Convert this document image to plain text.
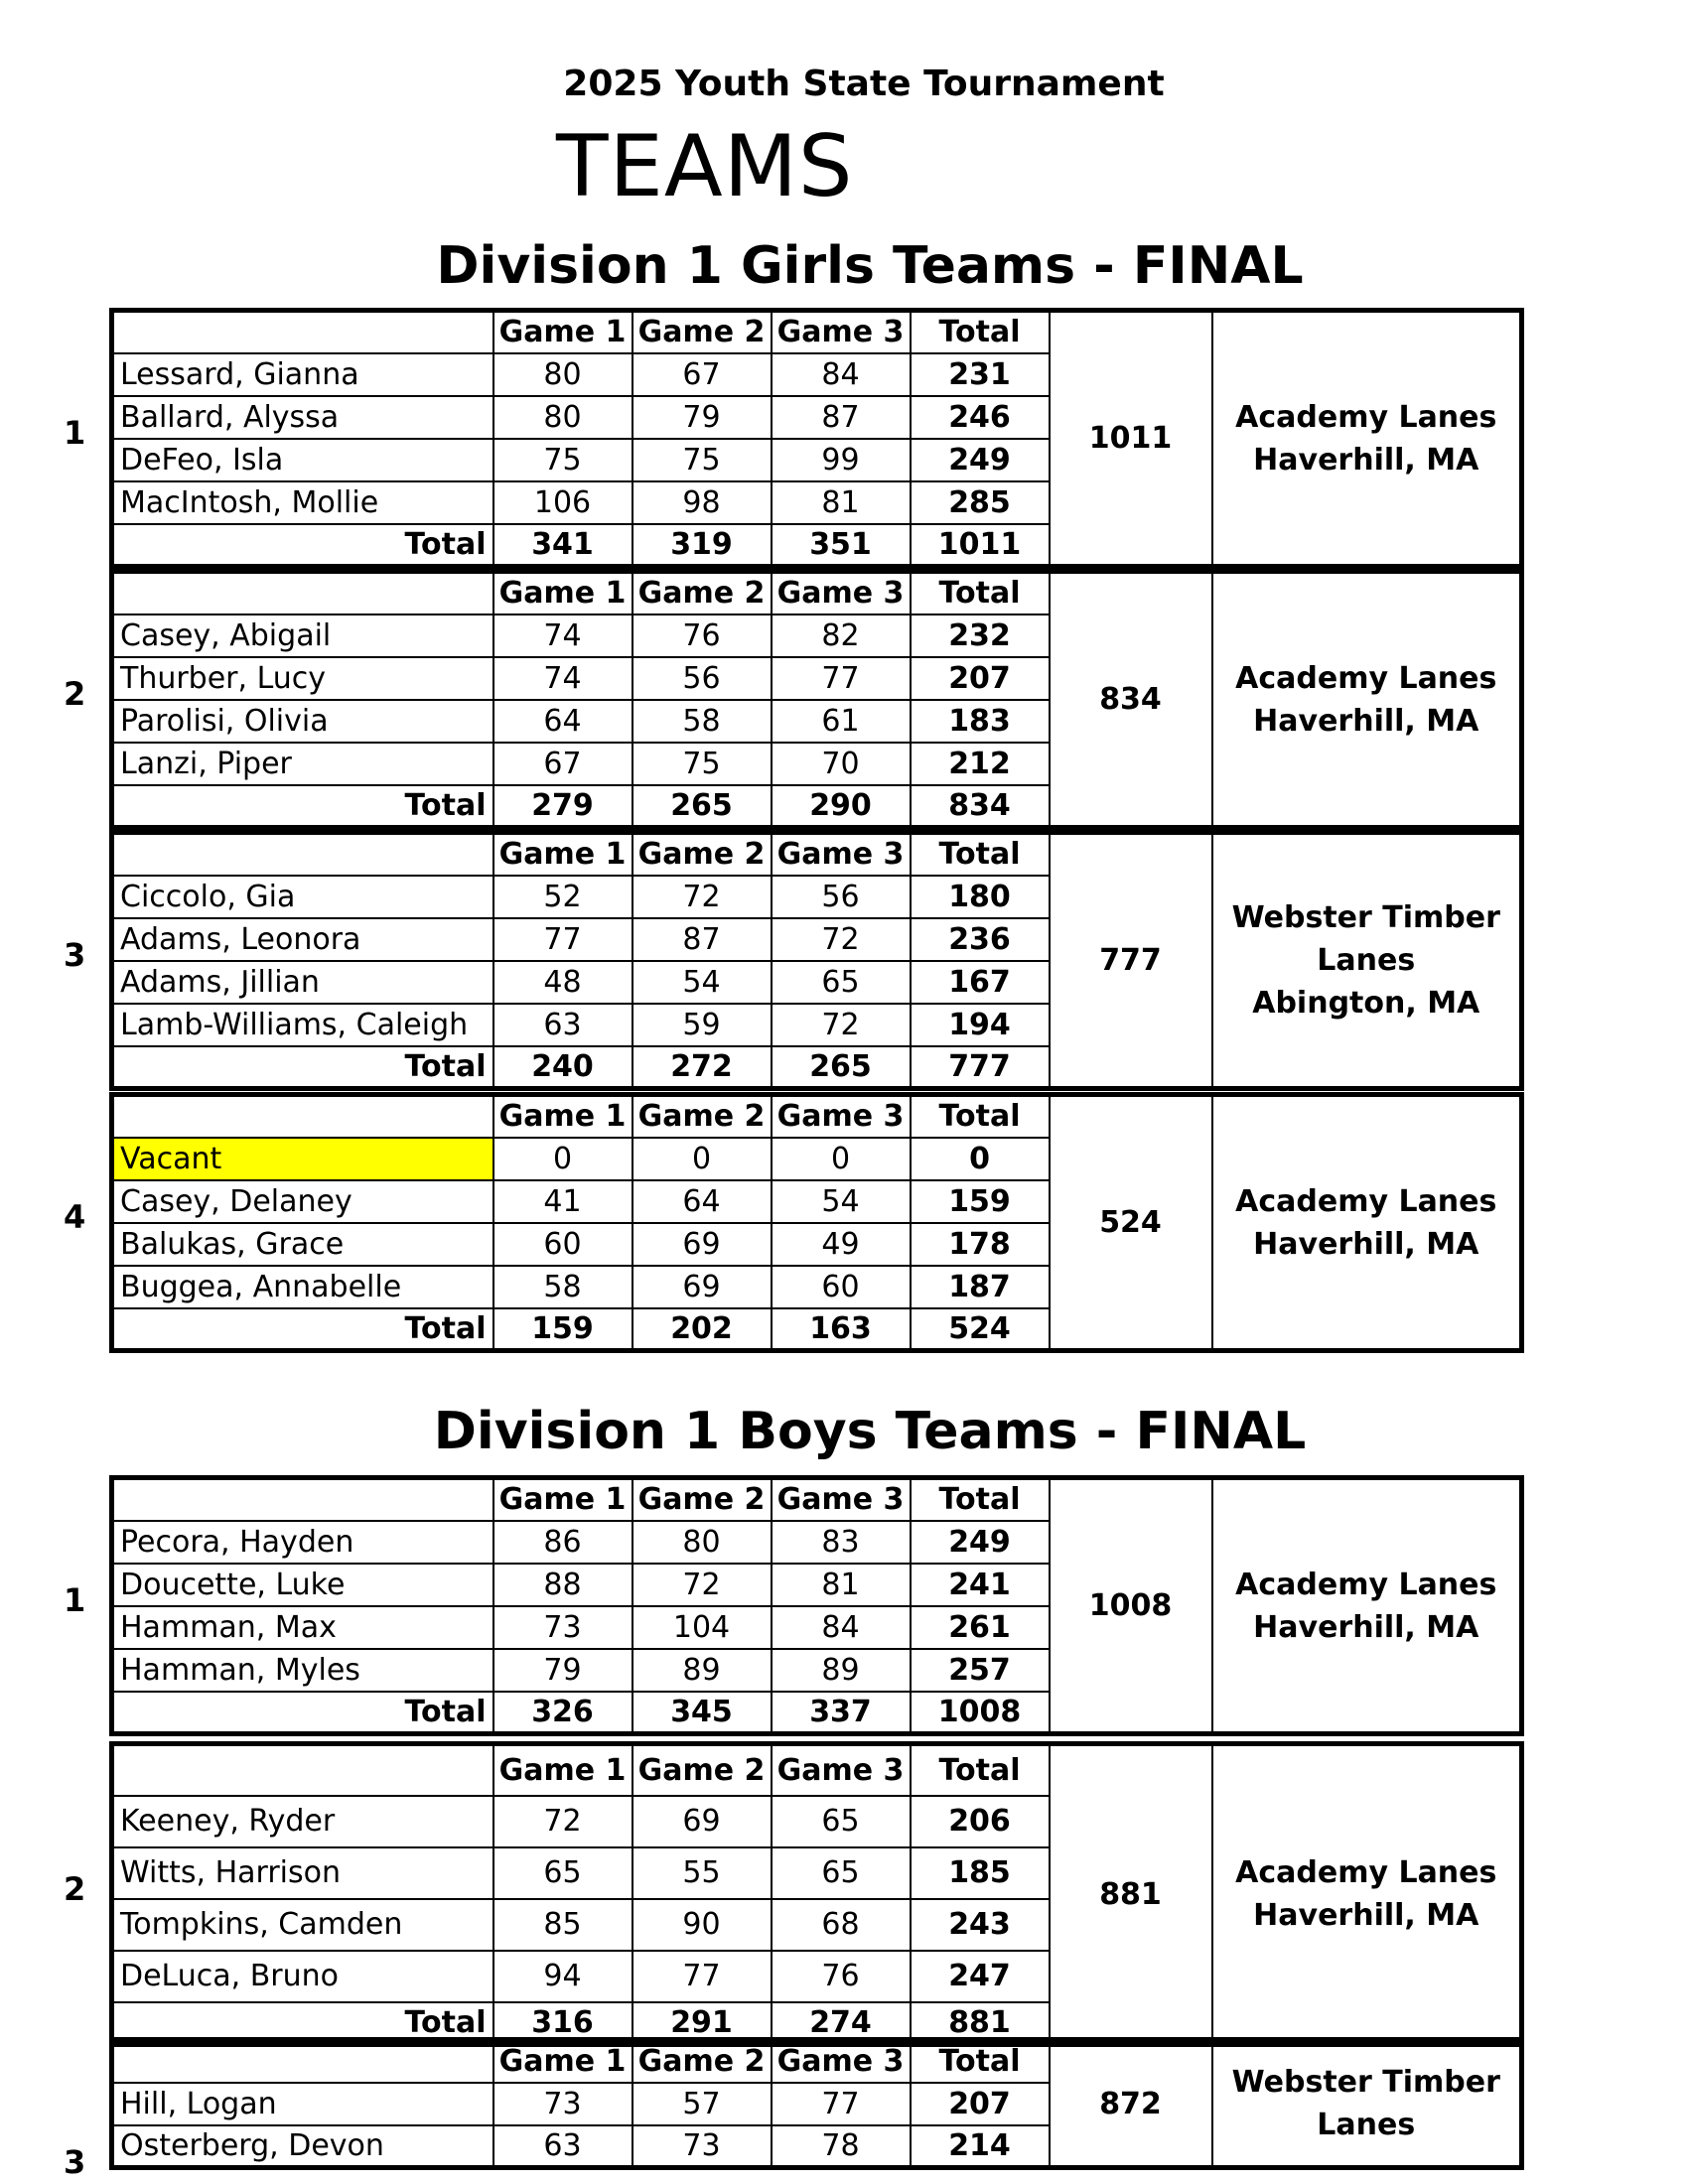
2025 Youth State Tournament
TEAMS
Division 1 Girls Teams - FINAL
1
	Game 1	Game 2	Game 3	Total	1011	Academy Lanes
Haverhill, MA

Lessard, Gianna	80	67	84	231		
Ballard, Alyssa	80	79	87	246		
DeFeo, Isla	75	75	99	249		
MacIntosh, Mollie	106	98	81	285		
Total	341	319	351	1011		
2
	Game 1	Game 2	Game 3	Total	834	Academy Lanes
Haverhill, MA

Casey, Abigail	74	76	82	232		
Thurber, Lucy	74	56	77	207		
Parolisi, Olivia	64	58	61	183		
Lanzi, Piper	67	75	70	212		
Total	279	265	290	834		
3
	Game 1	Game 2	Game 3	Total	777	Webster Timber
Lanes
Abington, MA

Ciccolo, Gia	52	72	56	180		
Adams, Leonora	77	87	72	236		
Adams, Jillian	48	54	65	167		
Lamb-Williams, Caleigh	63	59	72	194		
Total	240	272	265	777		
4
	Game 1	Game 2	Game 3	Total	524	Academy Lanes
Haverhill, MA

Vacant	0	0	0	0		
Casey, Delaney	41	64	54	159		
Balukas, Grace	60	69	49	178		
Buggea, Annabelle	58	69	60	187		
Total	159	202	163	524		
Division 1 Boys Teams - FINAL
1
	Game 1	Game 2	Game 3	Total	1008	Academy Lanes
Haverhill, MA

Pecora, Hayden	86	80	83	249		
Doucette, Luke	88	72	81	241		
Hamman, Max	73	104	84	261		
Hamman, Myles	79	89	89	257		
Total	326	345	337	1008		
2
	Game 1	Game 2	Game 3	Total	881	Academy Lanes
Haverhill, MA

Keeney, Ryder	72	69	65	206		
Witts, Harrison	65	55	65	185		
Tompkins, Camden	85	90	68	243		
DeLuca, Bruno	94	77	76	247		
Total	316	291	274	881		
3
	Game 1	Game 2	Game 3	Total	872	Webster Timber
Lanes

Hill, Logan	73	57	77	207		
Osterberg, Devon	63	73	78	214		
